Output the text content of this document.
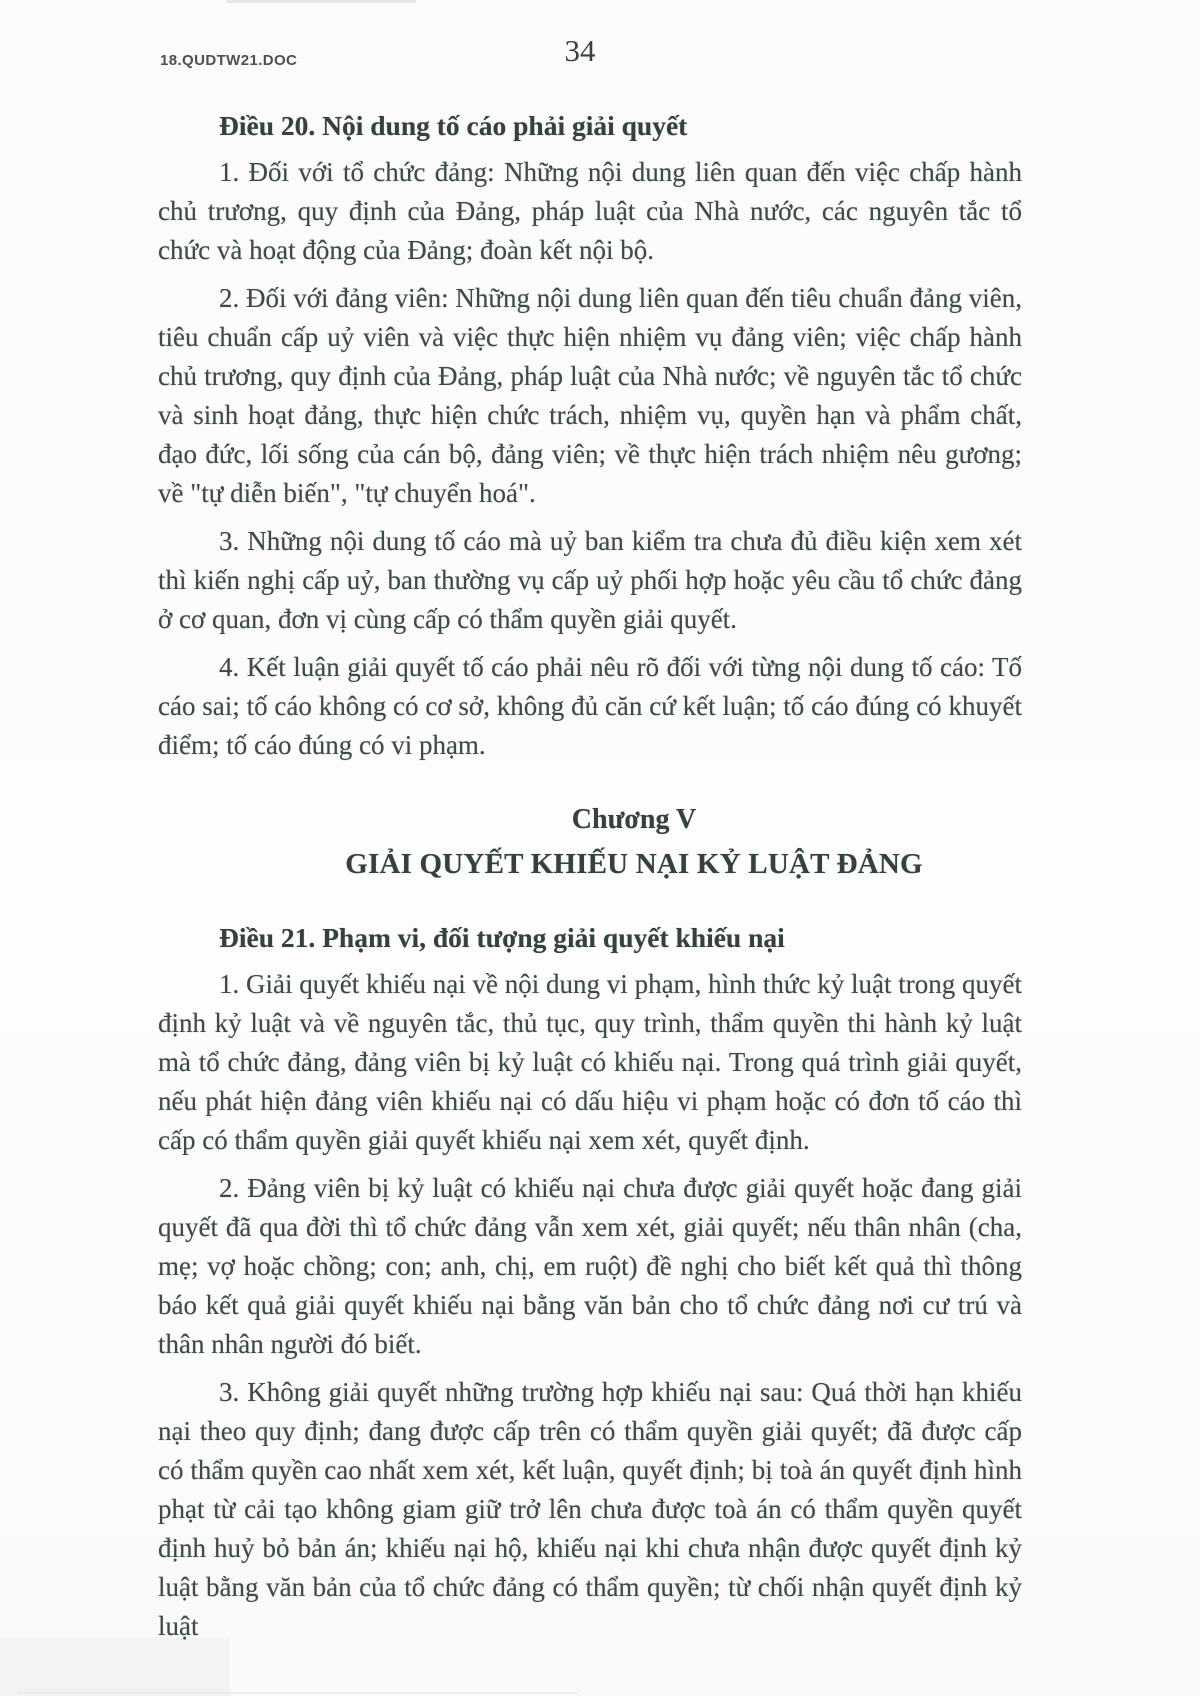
18.QUDTW21.DOC	34
Điều 20. Nội dung tố cáo phải giải quyết

1. Đối với tổ chức đảng: Những nội dung liên quan đến việc chấp hành chủ trương, quy định của Đảng, pháp luật của Nhà nước, các nguyên tắc tổ chức và hoạt động của Đảng; đoàn kết nội bộ.

2. Đối với đảng viên: Những nội dung liên quan đến tiêu chuẩn đảng viên, tiêu chuẩn cấp uỷ viên và việc thực hiện nhiệm vụ đảng viên; việc chấp hành chủ trương, quy định của Đảng, pháp luật của Nhà nước; về nguyên tắc tổ chức và sinh hoạt đảng, thực hiện chức trách, nhiệm vụ, quyền hạn và phẩm chất, đạo đức, lối sống của cán bộ, đảng viên; về thực hiện trách nhiệm nêu gương; về "tự diễn biến", "tự chuyển hoá".

3. Những nội dung tố cáo mà uỷ ban kiểm tra chưa đủ điều kiện xem xét thì kiến nghị cấp uỷ, ban thường vụ cấp uỷ phối hợp hoặc yêu cầu tổ chức đảng ở cơ quan, đơn vị cùng cấp có thẩm quyền giải quyết.

4. Kết luận giải quyết tố cáo phải nêu rõ đối với từng nội dung tố cáo: Tố cáo sai; tố cáo không có cơ sở, không đủ căn cứ kết luận; tố cáo đúng có khuyết điểm; tố cáo đúng có vi phạm.

Chương V
GIẢI QUYẾT KHIẾU NẠI KỶ LUẬT ĐẢNG
Điều 21. Phạm vi, đối tượng giải quyết khiếu nại

1. Giải quyết khiếu nại về nội dung vi phạm, hình thức kỷ luật trong quyết định kỷ luật và về nguyên tắc, thủ tục, quy trình, thẩm quyền thi hành kỷ luật mà tổ chức đảng, đảng viên bị kỷ luật có khiếu nại. Trong quá trình giải quyết, nếu phát hiện đảng viên khiếu nại có dấu hiệu vi phạm hoặc có đơn tố cáo thì cấp có thẩm quyền giải quyết khiếu nại xem xét, quyết định.

2. Đảng viên bị kỷ luật có khiếu nại chưa được giải quyết hoặc đang giải quyết đã qua đời thì tổ chức đảng vẫn xem xét, giải quyết; nếu thân nhân (cha, mẹ; vợ hoặc chồng; con; anh, chị, em ruột) đề nghị cho biết kết quả thì thông báo kết quả giải quyết khiếu nại bằng văn bản cho tổ chức đảng nơi cư trú và thân nhân người đó biết.

3. Không giải quyết những trường hợp khiếu nại sau: Quá thời hạn khiếu nại theo quy định; đang được cấp trên có thẩm quyền giải quyết; đã được cấp có thẩm quyền cao nhất xem xét, kết luận, quyết định; bị toà án quyết định hình phạt từ cải tạo không giam giữ trở lên chưa được toà án có thẩm quyền quyết định huỷ bỏ bản án; khiếu nại hộ, khiếu nại khi chưa nhận được quyết định kỷ luật bằng văn bản của tổ chức đảng có thẩm quyền; từ chối nhận quyết định kỷ luật
